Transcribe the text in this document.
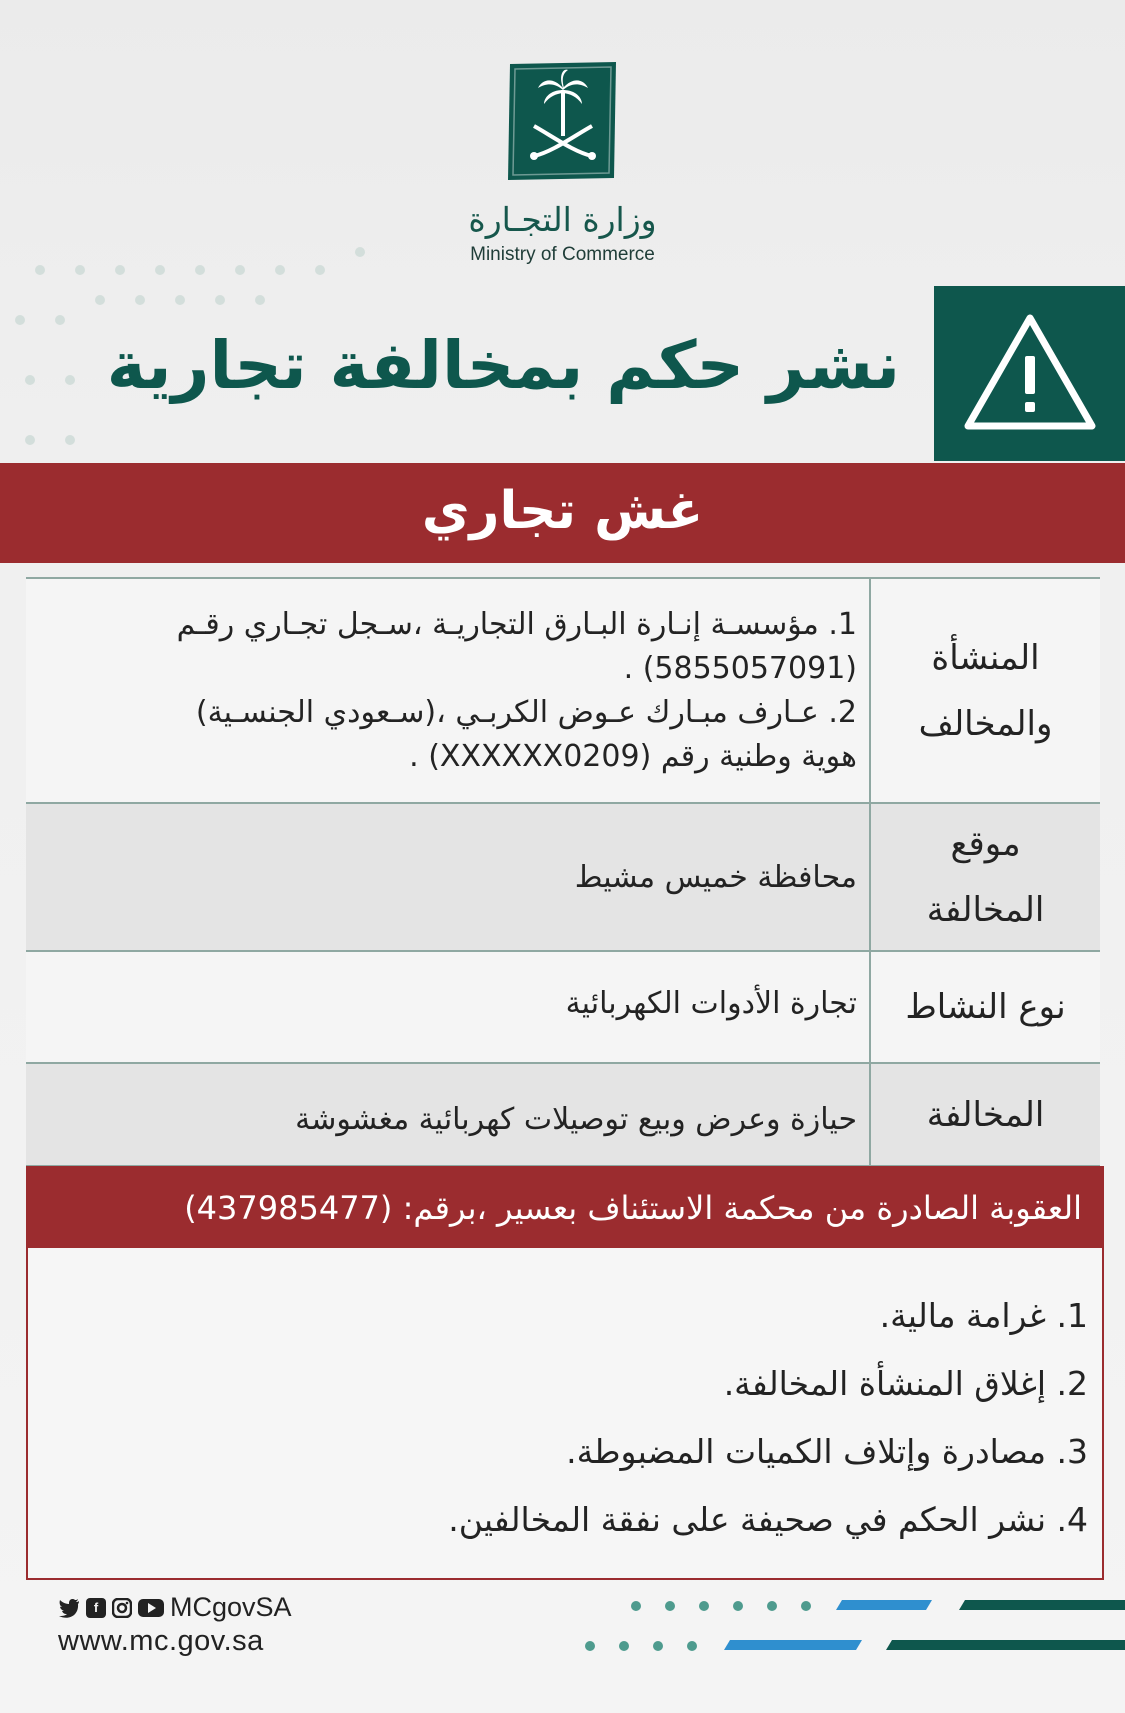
وزارة التجـارة
Ministry of Commerce
نشر حكم بمخالفة تجارية
غش تجاري
المنشأة
والمخالف
1. مؤسسـة إنـارة البـارق التجاريـة ،سـجل تجـاري رقـم
(5855057091) .
2. عـارف مبـارك عـوض الكربـي ،(سـعودي الجنسـية)
هوية وطنية رقم (XXXXXX0209) .
موقع
المخالفة
محافظة خميس مشيط
نوع النشاط
تجارة الأدوات الكهربائية
المخالفة
حيازة وعرض وبيع توصيلات كهربائية مغشوشة
العقوبة الصادرة من محكمة الاستئناف بعسير ،برقم: (437985477)
1. غرامة مالية.
2. إغلاق المنشأة المخالفة.
3. مصادرة وإتلاف الكميات المضبوطة.
4. نشر الحكم في صحيفة على نفقة المخالفين.
f	MCgovSA
www.mc.gov.sa
